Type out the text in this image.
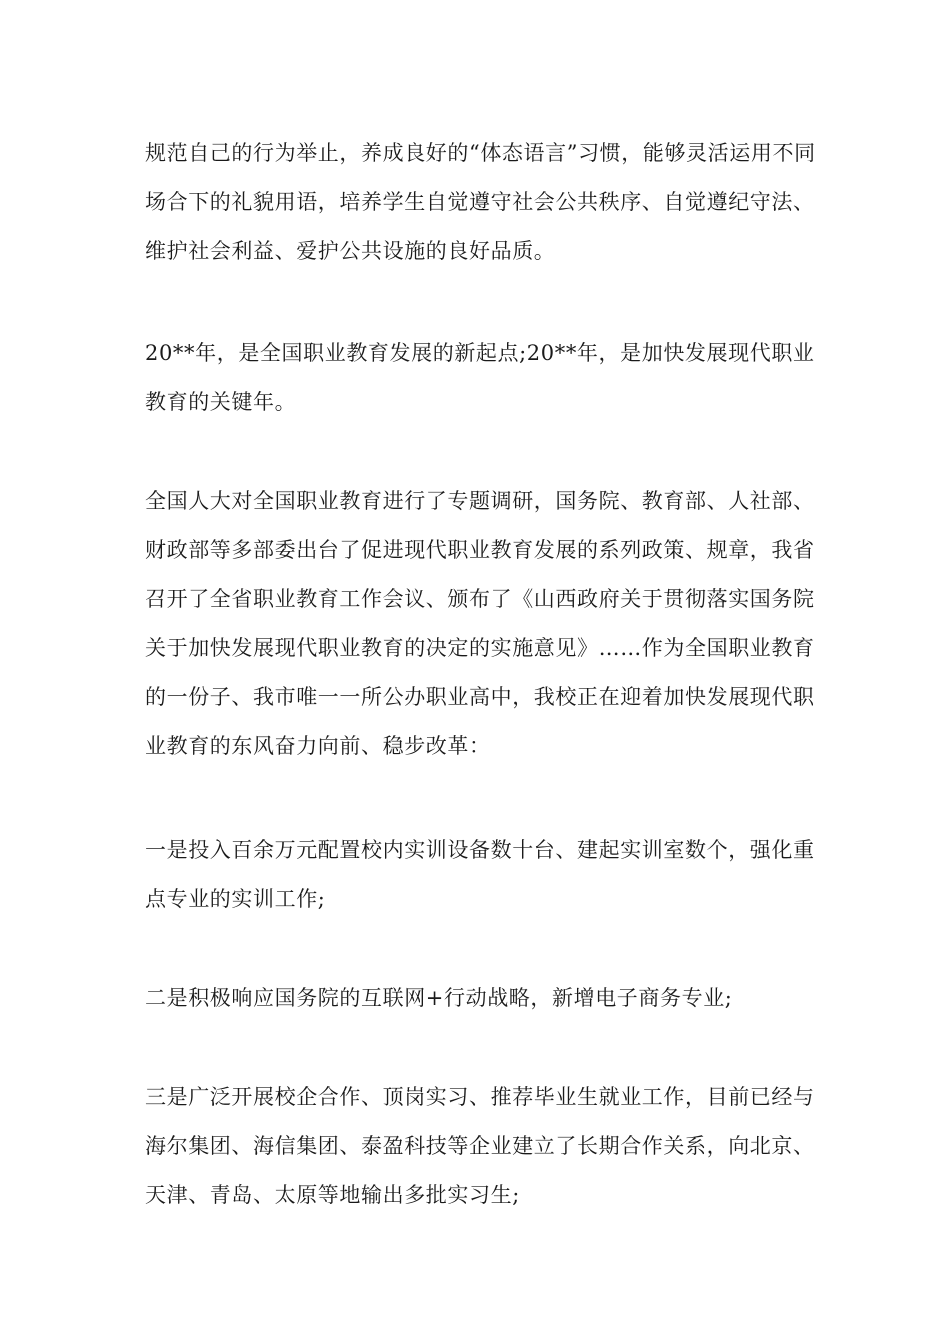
规范自己的行为举止，养成良好的“体态语言”习惯，能够灵活运用不同场合下的礼貌用语，培养学生自觉遵守社会公共秩序、自觉遵纪守法、维护社会利益、爱护公共设施的良好品质。

20**年，是全国职业教育发展的新起点;20**年，是加快发展现代职业教育的关键年。

全国人大对全国职业教育进行了专题调研，国务院、教育部、人社部、财政部等多部委出台了促进现代职业教育发展的系列政策、规章，我省召开了全省职业教育工作会议、颁布了《山西政府关于贯彻落实国务院关于加快发展现代职业教育的决定的实施意见》……作为全国职业教育的一份子、我市唯一一所公办职业高中，我校正在迎着加快发展现代职业教育的东风奋力向前、稳步改革：

一是投入百余万元配置校内实训设备数十台、建起实训室数个，强化重点专业的实训工作;

二是积极响应国务院的互联网+行动战略，新增电子商务专业;

三是广泛开展校企合作、顶岗实习、推荐毕业生就业工作，目前已经与海尔集团、海信集团、泰盈科技等企业建立了长期合作关系，向北京、天津、青岛、太原等地输出多批实习生;
